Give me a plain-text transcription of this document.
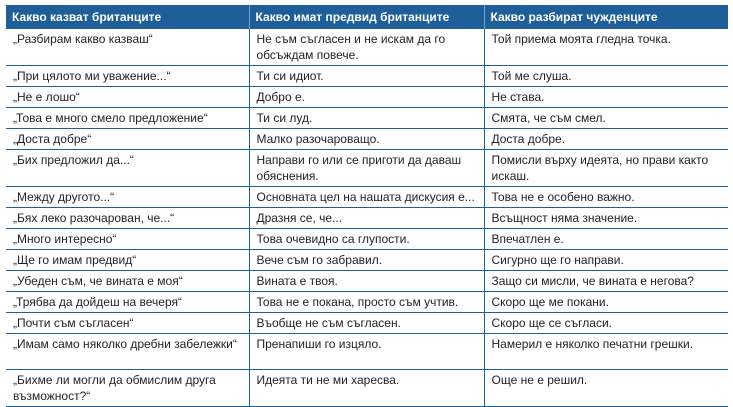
Какво казват британците	Какво имат предвид британците	Какво разбират чужденците
„Разбирам какво казваш“	Не съм съгласен и не искам да го обсъждам повече.	Той приема моята гледна точка.
„При цялото ми уважение...“	Ти си идиот.	Той ме слуша.
„Не е лошо“	Добро е.	Не става.
„Това е много смело предложение“	Ти си луд.	Смята, че съм смел.
„Доста добре“	Малко разочароващо.	Доста добре.
„Бих предложил да...“	Направи го или се приготи да даваш обяснения.	Помисли върху идеята, но прави както искаш.
„Между другото...“	Основната цел на нашата дискусия е...	Това не е особено важно.
„Бях леко разочарован, че...“	Дразня се, че...	Всъщност няма значение.
„Много интересно“	Това очевидно са глупости.	Впечатлен е.
„Ще го имам предвид“	Вече съм го забравил.	Сигурно ще го направи.
„Убеден съм, че вината е моя“	Вината е твоя.	Защо си мисли, че вината е негова?
„Трябва да дойдеш на вечеря“	Това не е покана, просто съм учтив.	Скоро ще ме покани.
„Почти съм съгласен“	Въобще не съм съгласен.	Скоро ще се съгласи.
„Имам само няколко дребни забележки“	Пренапиши го изцяло.	Намерил е няколко печатни грешки.
„Бихме ли могли да обмислим друга възможност?“	Идеята ти не ми харесва.	Още не е решил.
